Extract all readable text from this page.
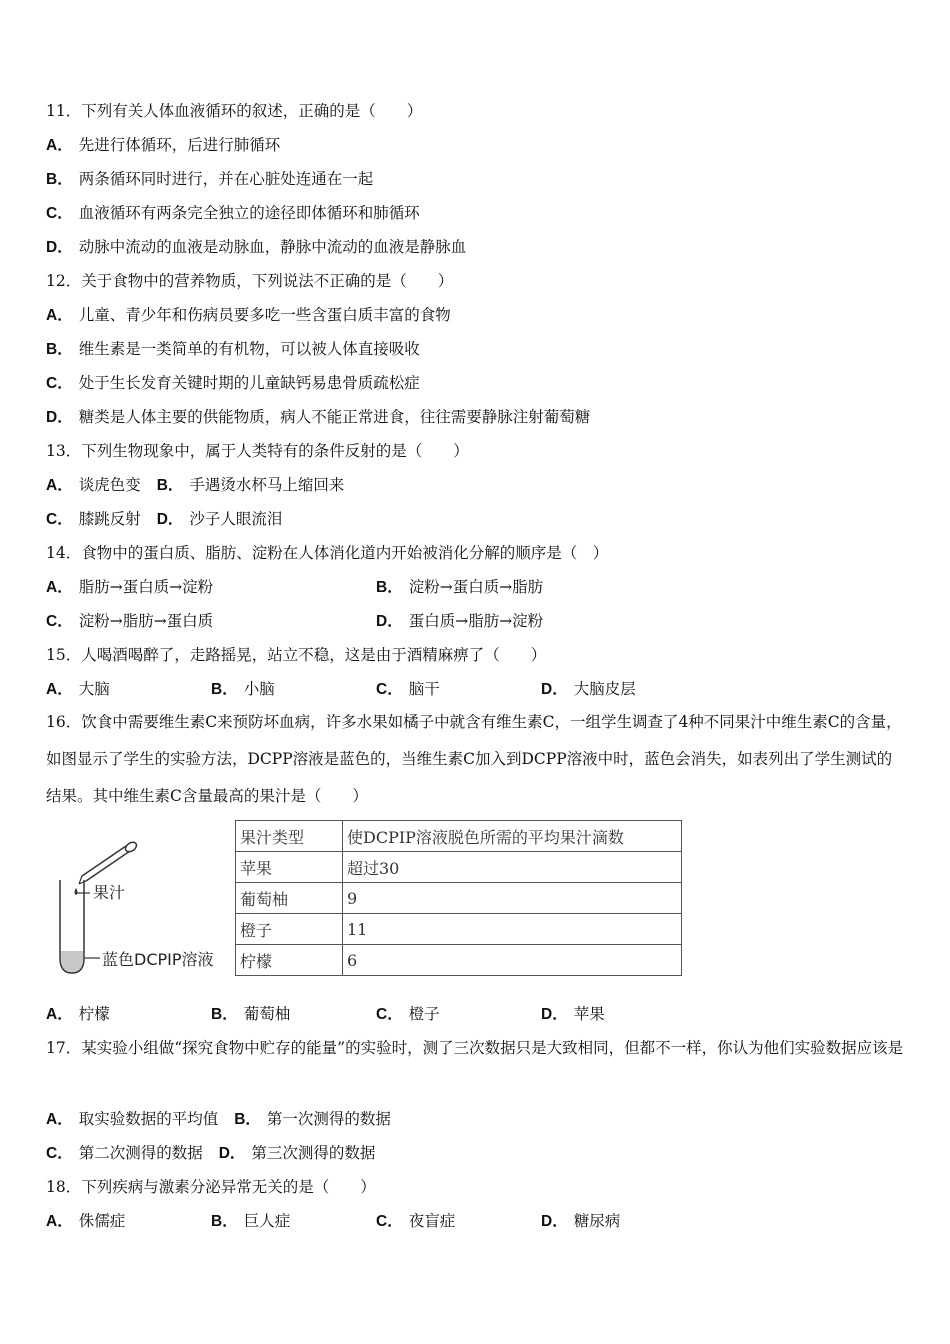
11．下列有关人体血液循环的叙述，正确的是（　　）
A． 先进行体循环，后进行肺循环
B． 两条循环同时进行，并在心脏处连通在一起
C． 血液循环有两条完全独立的途径即体循环和肺循环
D． 动脉中流动的血液是动脉血，静脉中流动的血液是静脉血
12．关于食物中的营养物质，下列说法不正确的是（　　）
A． 儿童、青少年和伤病员要多吃一些含蛋白质丰富的食物
B． 维生素是一类简单的有机物，可以被人体直接吸收
C． 处于生长发育关键时期的儿童缺钙易患骨质疏松症
D． 糖类是人体主要的供能物质，病人不能正常进食，往往需要静脉注射葡萄糖
13．下列生物现象中，属于人类特有的条件反射的是（　　）
A． 谈虎色变 B． 手遇烫水杯马上缩回来
C． 膝跳反射 D． 沙子人眼流泪
14．食物中的蛋白质、脂肪、淀粉在人体消化道内开始被消化分解的顺序是（　）
A． 脂肪→蛋白质→淀粉	B． 淀粉→蛋白质→脂肪
C． 淀粉→脂肪→蛋白质	D． 蛋白质→脂肪→淀粉
15．人喝酒喝醉了，走路摇晃，站立不稳，这是由于酒精麻痹了（　　）
A． 大脑	B． 小脑	C． 脑干	D． 大脑皮层
16．饮食中需要维生素C来预防坏血病，许多水果如橘子中就含有维生素C，一组学生调查了4种不同果汁中维生素C的含量，如图显示了学生的实验方法，DCPP溶液是蓝色的，当维生素C加入到DCPP溶液中时，蓝色会消失，如表列出了学生测试的结果。其中维生素C含量最高的果汁是（　　）
果汁
蓝色DCPIP溶液
果汁类型	使DCPIP溶液脱色所需的平均果汁滴数
苹果	超过30
葡萄柚	9
橙子	11
柠檬	6
A． 柠檬	B． 葡萄柚	C． 橙子	D． 苹果
17．某实验小组做“探究食物中贮存的能量”的实验时，测了三次数据只是大致相同，但都不一样，你认为他们实验数据应该是
A． 取实验数据的平均值 B． 第一次测得的数据
C． 第二次测得的数据 D． 第三次测得的数据
18．下列疾病与激素分泌异常无关的是（　　）
A． 侏儒症	B． 巨人症	C． 夜盲症	D． 糖尿病
